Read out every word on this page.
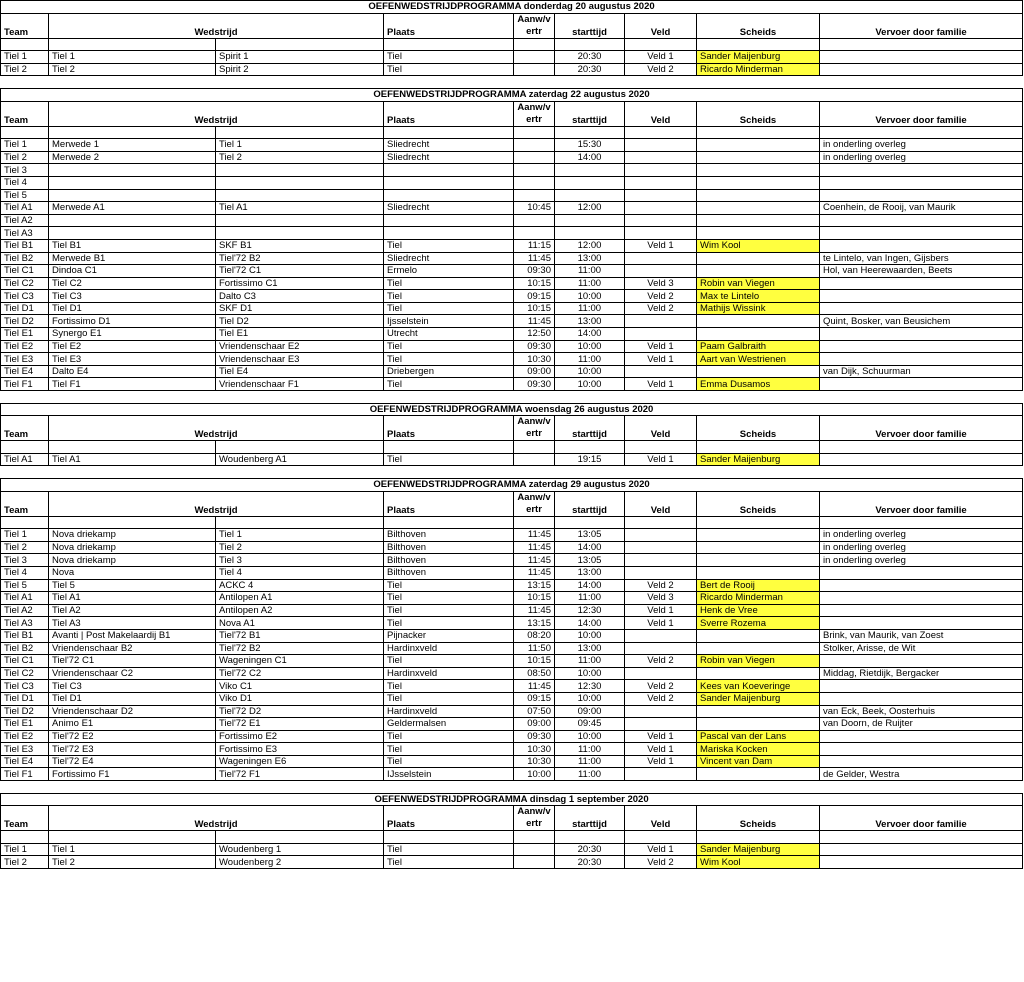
OEFENWEDSTRIJDPROGRAMMA donderdag 20 augustus 2020								
Team	Wedstrijd		Plaats	Aanw/v
ertr	starttijd	Veld	Scheids	Vervoer door familie

Tiel 1	Tiel 1	Spirit 1	Tiel		20:30	Veld 1	Sander Maijenburg	
Tiel 2	Tiel 2	Spirit 2	Tiel		20:30	Veld 2	Ricardo Minderman	

OEFENWEDSTRIJDPROGRAMMA zaterdag 22 augustus 2020								
Team	Wedstrijd		Plaats	Aanw/v
ertr	starttijd	Veld	Scheids	Vervoer door familie

Tiel 1	Merwede 1	Tiel 1	Sliedrecht		15:30			in onderling overleg
Tiel 2	Merwede 2	Tiel 2	Sliedrecht		14:00			in onderling overleg
Tiel 3								
Tiel 4								
Tiel 5								
Tiel A1	Merwede A1	Tiel A1	Sliedrecht	10:45	12:00			Coenhein, de Rooij, van Maurik
Tiel A2								
Tiel A3								
Tiel B1	Tiel B1	SKF B1	Tiel	11:15	12:00	Veld 1	Wim Kool	
Tiel B2	Merwede B1	Tiel'72 B2	Sliedrecht	11:45	13:00			te Lintelo, van Ingen, Gijsbers
Tiel C1	Dindoa C1	Tiel'72 C1	Ermelo	09:30	11:00			Hol, van Heerewaarden, Beets
Tiel C2	Tiel C2	Fortissimo C1	Tiel	10:15	11:00	Veld 3	Robin van Viegen	
Tiel C3	Tiel C3	Dalto C3	Tiel	09:15	10:00	Veld 2	Max te Lintelo	
Tiel D1	Tiel D1	SKF D1	Tiel	10:15	11:00	Veld 2	Mathijs Wissink	
Tiel D2	Fortissimo D1	Tiel D2	Ijsselstein	11:45	13:00			Quint, Bosker, van Beusichem
Tiel E1	Synergo E1	Tiel E1	Utrecht	12:50	14:00			
Tiel E2	Tiel E2	Vriendenschaar E2	Tiel	09:30	10:00	Veld 1	Paam Galbraith	
Tiel E3	Tiel E3	Vriendenschaar E3	Tiel	10:30	11:00	Veld 1	Aart van Westrienen	
Tiel E4	Dalto E4	Tiel E4	Driebergen	09:00	10:00			van Dijk, Schuurman
Tiel F1	Tiel F1	Vriendenschaar F1	Tiel	09:30	10:00	Veld 1	Emma Dusamos	

OEFENWEDSTRIJDPROGRAMMA woensdag 26 augustus 2020								
Team	Wedstrijd		Plaats	Aanw/v
ertr	starttijd	Veld	Scheids	Vervoer door familie

Tiel A1	Tiel A1	Woudenberg A1	Tiel		19:15	Veld 1	Sander Maijenburg	

OEFENWEDSTRIJDPROGRAMMA zaterdag 29 augustus 2020								
Team	Wedstrijd		Plaats	Aanw/v
ertr	starttijd	Veld	Scheids	Vervoer door familie

Tiel 1	Nova driekamp	Tiel 1	Bilthoven	11:45	13:05			in onderling overleg
Tiel 2	Nova driekamp	Tiel 2	Bilthoven	11:45	14:00			in onderling overleg
Tiel 3	Nova driekamp	Tiel 3	Bilthoven	11:45	13:05			in onderling overleg
Tiel 4	Nova	Tiel 4	Bilthoven	11:45	13:00			
Tiel 5	Tiel 5	ACKC 4	Tiel	13:15	14:00	Veld 2	Bert de Rooij	
Tiel A1	Tiel A1	Antilopen A1	Tiel	10:15	11:00	Veld 3	Ricardo Minderman	
Tiel A2	Tiel A2	Antilopen A2	Tiel	11:45	12:30	Veld 1	Henk de Vree	
Tiel A3	Tiel A3	Nova A1	Tiel	13:15	14:00	Veld 1	Sverre Rozema	
Tiel B1	Avanti | Post Makelaardij B1	Tiel'72 B1	Pijnacker	08:20	10:00			Brink, van Maurik, van Zoest
Tiel B2	Vriendenschaar B2	Tiel'72 B2	Hardinxveld	11:50	13:00			Stolker, Arisse, de Wit
Tiel C1	Tiel'72 C1	Wageningen C1	Tiel	10:15	11:00	Veld 2	Robin van Viegen	
Tiel C2	Vriendenschaar C2	Tiel'72 C2	Hardinxveld	08:50	10:00			Middag, Rietdijk, Bergacker
Tiel C3	Tiel C3	Viko C1	Tiel	11:45	12:30	Veld 2	Kees van Koeveringe	
Tiel D1	Tiel D1	Viko D1	Tiel	09:15	10:00	Veld 2	Sander Maijenburg	
Tiel D2	Vriendenschaar D2	Tiel'72 D2	Hardinxveld	07:50	09:00			van Eck, Beek, Oosterhuis
Tiel E1	Animo E1	Tiel'72 E1	Geldermalsen	09:00	09:45			van Doorn, de Ruijter
Tiel E2	Tiel'72 E2	Fortissimo E2	Tiel	09:30	10:00	Veld 1	Pascal van der Lans	
Tiel E3	Tiel'72 E3	Fortissimo E3	Tiel	10:30	11:00	Veld 1	Mariska Kocken	
Tiel E4	Tiel'72 E4	Wageningen E6	Tiel	10:30	11:00	Veld 1	Vincent van Dam	
Tiel F1	Fortissimo F1	Tiel'72 F1	IJsselstein	10:00	11:00			de Gelder, Westra

OEFENWEDSTRIJDPROGRAMMA dinsdag 1 september 2020								
Team	Wedstrijd		Plaats	Aanw/v
ertr	starttijd	Veld	Scheids	Vervoer door familie

Tiel 1	Tiel 1	Woudenberg 1	Tiel		20:30	Veld 1	Sander Maijenburg	
Tiel 2	Tiel 2	Woudenberg 2	Tiel		20:30	Veld 2	Wim Kool	
